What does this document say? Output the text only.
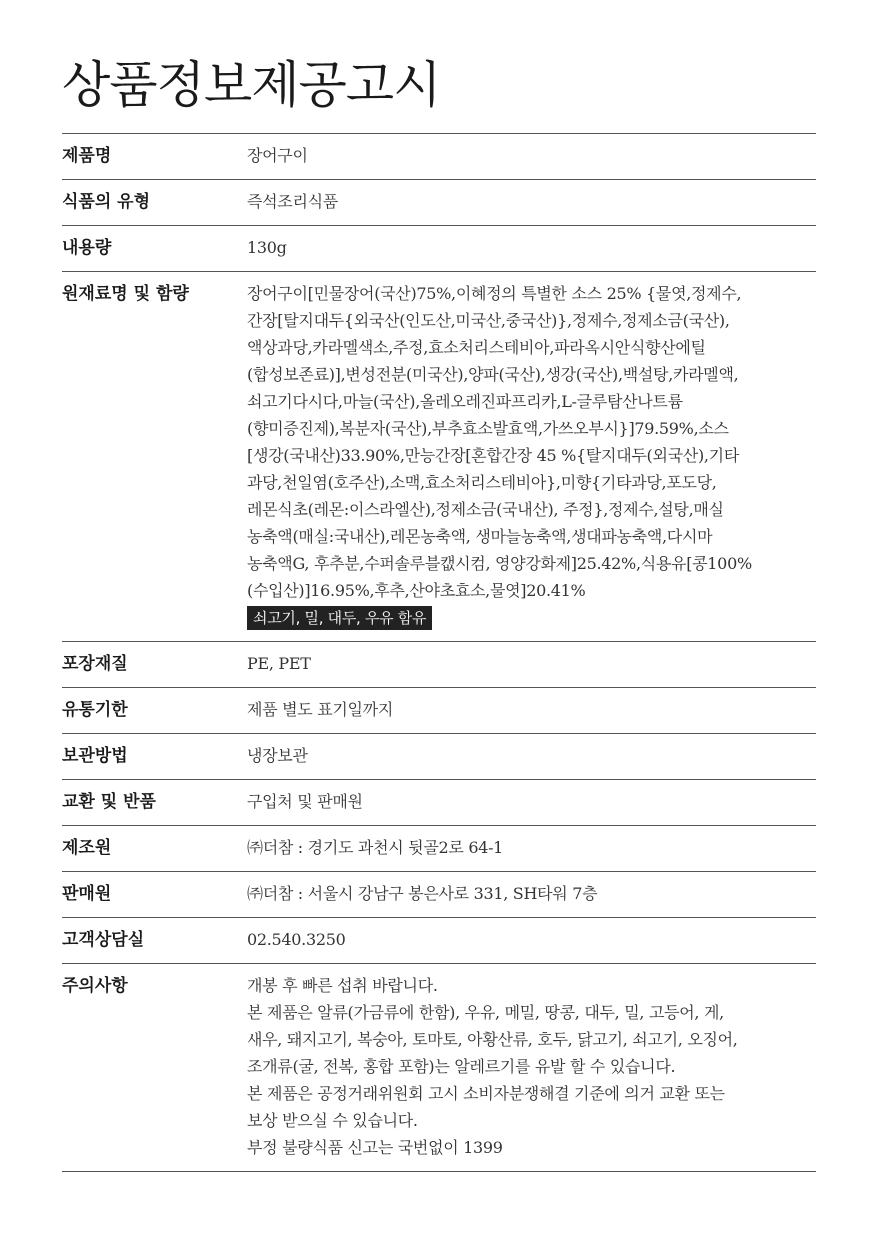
상품정보제공고시
제품명	장어구이
식품의 유형	즉석조리식품
내용량	130g
원재료명 및 함량	장어구이[민물장어(국산)75%,이혜정의 특별한 소스 25% {물엿,정제수,
간장[탈지대두{외국산(인도산,미국산,중국산)},정제수,정제소금(국산),
액상과당,카라멜색소,주정,효소처리스테비아,파라옥시안식향산에틸
(합성보존료)],변성전분(미국산),양파(국산),생강(국산),백설탕,카라멜액,
쇠고기다시다,마늘(국산),올레오레진파프리카,L-글루탐산나트륨
(향미증진제),복분자(국산),부추효소발효액,가쓰오부시}]79.59%,소스
[생강(국내산)33.90%,만능간장[혼합간장 45 %{탈지대두(외국산),기타
과당,천일염(호주산),소맥,효소처리스테비아},미향{기타과당,포도당,
레몬식초(레몬:이스라엘산),정제소금(국내산), 주정},정제수,설탕,매실
농축액(매실:국내산),레몬농축액, 생마늘농축액,생대파농축액,다시마
농축액G, 후추분,수퍼솔루블캢시컴, 영양강화제]25.42%,식용유[콩100%
(수입산)]16.95%,후추,산야초효소,물엿]20.41%
쇠고기, 밀, 대두, 우유 함유
포장재질	PE, PET
유통기한	제품 별도 표기일까지
보관방법	냉장보관
교환 및 반품	구입처 및 판매원
제조원	㈜더참 : 경기도 과천시 뒷골2로 64-1
판매원	㈜더참 : 서울시 강남구 봉은사로 331, SH타워 7층
고객상담실	02.540.3250
주의사항	개봉 후 빠른 섭취 바랍니다.
본 제품은 알류(가금류에 한함), 우유, 메밀, 땅콩, 대두, 밀, 고등어, 게,
새우, 돼지고기, 복숭아, 토마토, 아황산류, 호두, 닭고기, 쇠고기, 오징어,
조개류(굴, 전복, 홍합 포함)는 알레르기를 유발 할 수 있습니다.
본 제품은 공정거래위원회 고시 소비자분쟁해결 기준에 의거 교환 또는
보상 받으실 수 있습니다.
부정 불량식품 신고는 국번없이 1399
